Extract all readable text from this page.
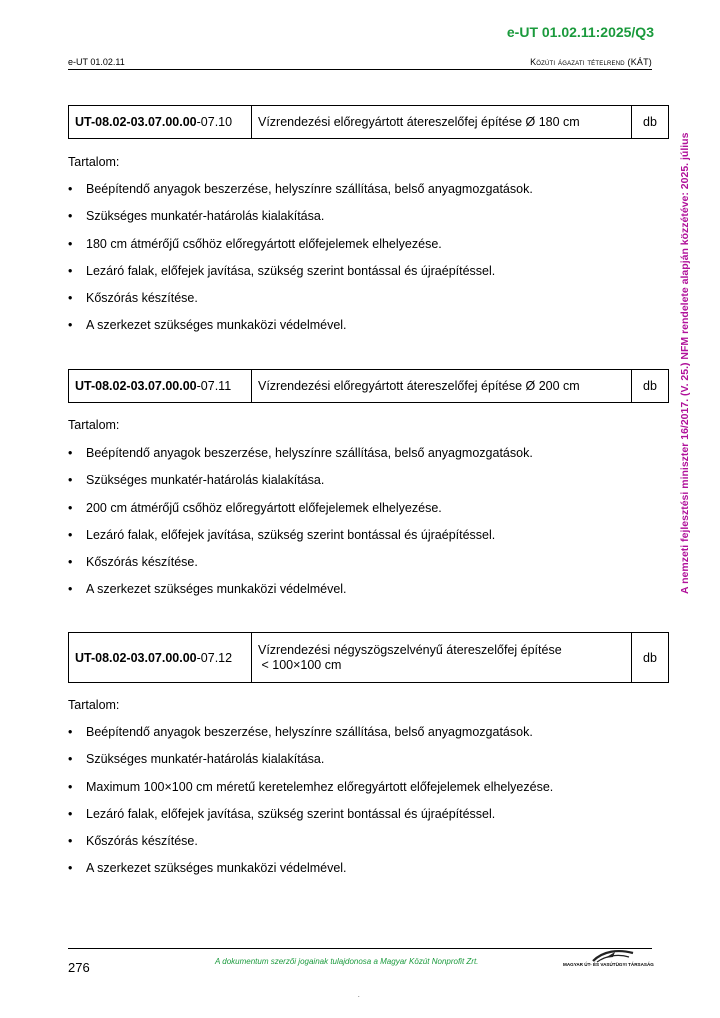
e-UT 01.02.11:2025/Q3
e-UT 01.02.11	Közúti ágazati tételrend (KÁT)
A nemzeti fejlesztési miniszter 16/2017. (V. 25.) NFM rendelete alapján közzétéve: 2025. július
UT-08.02-03.07.00.00-07.10	Vízrendezési előregyártott átereszelőfej építése Ø 180 cm	db
Tartalom:
• Beépítendő anyagok beszerzése, helyszínre szállítása, belső anyagmozgatások.
• Szükséges munkatér-határolás kialakítása.
• 180 cm átmérőjű csőhöz előregyártott előfejelemek elhelyezése.
• Lezáró falak, előfejek javítása, szükség szerint bontással és újraépítéssel.
• Kőszórás készítése.
• A szerkezet szükséges munkaközi védelmével.
UT-08.02-03.07.00.00-07.11	Vízrendezési előregyártott átereszelőfej építése Ø 200 cm	db
Tartalom:
• Beépítendő anyagok beszerzése, helyszínre szállítása, belső anyagmozgatások.
• Szükséges munkatér-határolás kialakítása.
• 200 cm átmérőjű csőhöz előregyártott előfejelemek elhelyezése.
• Lezáró falak, előfejek javítása, szükség szerint bontással és újraépítéssel.
• Kőszórás készítése.
• A szerkezet szükséges munkaközi védelmével.
UT-08.02-03.07.00.00-07.12	Vízrendezési négyszögszelvényű átereszelőfej építése
< 100×100 cm	db
Tartalom:
• Beépítendő anyagok beszerzése, helyszínre szállítása, belső anyagmozgatások.
• Szükséges munkatér-határolás kialakítása.
• Maximum 100×100 cm méretű keretelemhez előregyártott előfejelemek elhelyezése.
• Lezáró falak, előfejek javítása, szükség szerint bontással és újraépítéssel.
• Kőszórás készítése.
• A szerkezet szükséges munkaközi védelmével.
276	A dokumentum szerzői jogainak tulajdonosa a Magyar Közút Nonprofit Zrt.	MAGYAR ÚT- ÉS VASÚTÜGYI TÁRSASÁG
.
